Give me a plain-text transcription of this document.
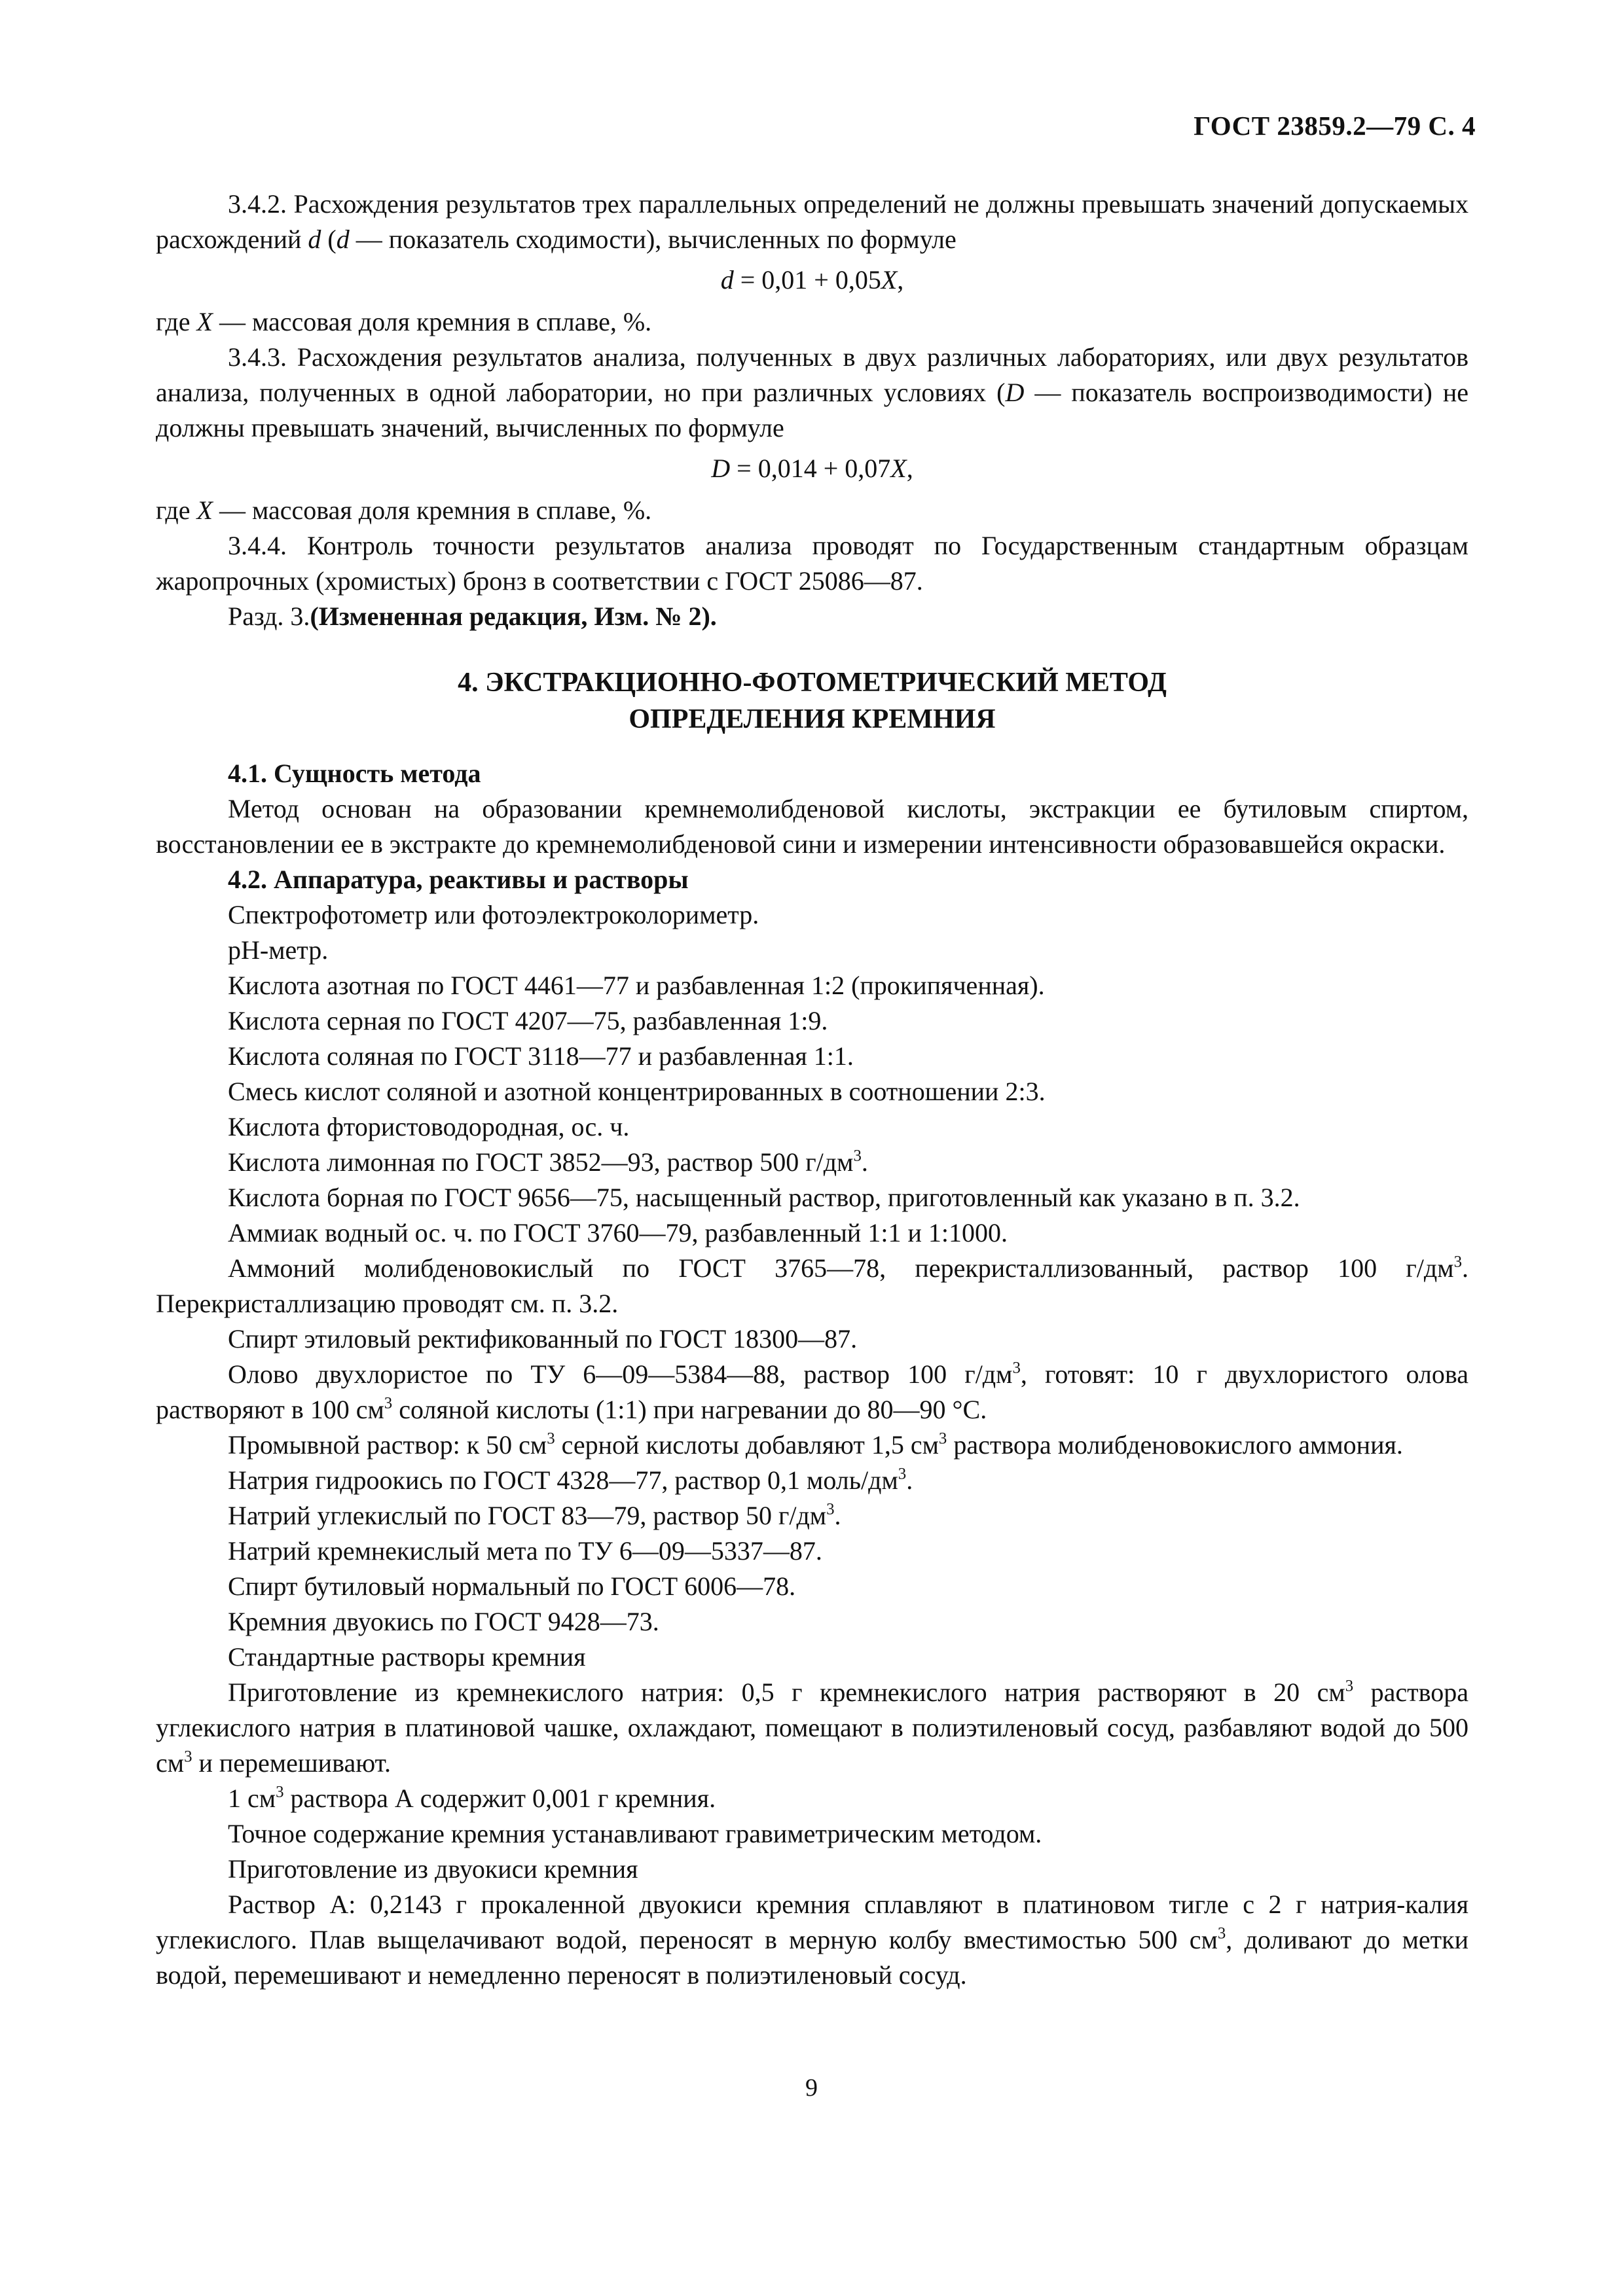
ГОСТ 23859.2—79 С. 4

3.4.2. Расхождения результатов трех параллельных определений не должны превышать значений допускаемых расхождений d (d — показатель сходимости), вычисленных по формуле

d = 0,01 + 0,05X,

где X — массовая доля кремния в сплаве, %.

3.4.3. Расхождения результатов анализа, полученных в двух различных лабораториях, или двух результатов анализа, полученных в одной лаборатории, но при различных условиях (D — показатель воспроизводимости) не должны превышать значений, вычисленных по формуле

D = 0,014 + 0,07X,

где X — массовая доля кремния в сплаве, %.

3.4.4. Контроль точности результатов анализа проводят по Государственным стандартным образцам жаропрочных (хромистых) бронз в соответствии с ГОСТ 25086—87.

Разд. 3.(Измененная редакция, Изм. № 2).

4. ЭКСТРАКЦИОННО-ФОТОМЕТРИЧЕСКИЙ МЕТОД
ОПРЕДЕЛЕНИЯ КРЕМНИЯ

4.1. Сущность метода

Метод основан на образовании кремнемолибденовой кислоты, экстракции ее бутиловым спиртом, восстановлении ее в экстракте до кремнемолибденовой сини и измерении интенсивности образовавшейся окраски.

4.2. Аппаратура, реактивы и растворы

Спектрофотометр или фотоэлектроколориметр.

рН-метр.

Кислота азотная по ГОСТ 4461—77 и разбавленная 1:2 (прокипяченная).

Кислота серная по ГОСТ 4207—75, разбавленная 1:9.

Кислота соляная по ГОСТ 3118—77 и разбавленная 1:1.

Смесь кислот соляной и азотной концентрированных в соотношении 2:3.

Кислота фтористоводородная, ос. ч.

Кислота лимонная по ГОСТ 3852—93, раствор 500 $г/дм^3$.

Кислота борная по ГОСТ 9656—75, насыщенный раствор, приготовленный как указано в п. 3.2.

Аммиак водный ос. ч. по ГОСТ 3760—79, разбавленный 1:1 и 1:1000.

Аммоний молибденовокислый по ГОСТ 3765—78, перекристаллизованный, раствор 100 $г/дм^3$. Перекристаллизацию проводят см. п. 3.2.

Спирт этиловый ректификованный по ГОСТ 18300—87.

Олово двухлористое по ТУ 6—09—5384—88, раствор 100 $г/дм^3$, готовят: 10 г двухлористого олова растворяют в 100 $см^3$ соляной кислоты (1:1) при нагревании до 80—90 °С.

Промывной раствор: к 50 $см^3$ серной кислоты добавляют 1,5 $см^3$ раствора молибденовокислого аммония.

Натрия гидроокись по ГОСТ 4328—77, раствор 0,1 моль/$дм^3$.

Натрий углекислый по ГОСТ 83—79, раствор 50 $г/дм^3$.

Натрий кремнекислый мета по ТУ 6—09—5337—87.

Спирт бутиловый нормальный по ГОСТ 6006—78.

Кремния двуокись по ГОСТ 9428—73.

Стандартные растворы кремния

Приготовление из кремнекислого натрия: 0,5 г кремнекислого натрия растворяют в 20 $см^3$ раствора углекислого натрия в платиновой чашке, охлаждают, помещают в полиэтиленовый сосуд, разбавляют водой до 500 $см^3$ и перемешивают.

1 $см^3$ раствора А содержит 0,001 г кремния.

Точное содержание кремния устанавливают гравиметрическим методом.

Приготовление из двуокиси кремния

Раствор А: 0,2143 г прокаленной двуокиси кремния сплавляют в платиновом тигле с 2 г натрия-калия углекислого. Плав выщелачивают водой, переносят в мерную колбу вместимостью 500 $см^3$, доливают до метки водой, перемешивают и немедленно переносят в полиэтиленовый сосуд.

9
